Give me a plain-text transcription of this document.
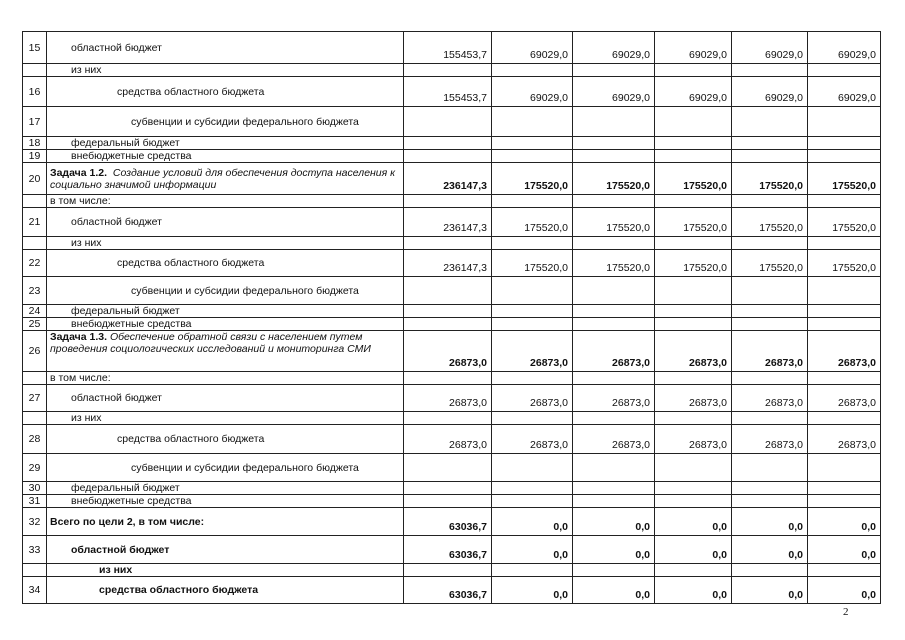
15	областной бюджет	155453,7	69029,0	69029,0	69029,0	69029,0	69029,0
	из них						
16	средства областного бюджета	155453,7	69029,0	69029,0	69029,0	69029,0	69029,0
17	субвенции и субсидии федерального бюджета						
18	федеральный бюджет						
19	внебюджетные средства						
20	Задача 1.2. Создание условий для обеспечения доступа населения к социально значимой информации	236147,3	175520,0	175520,0	175520,0	175520,0	175520,0
	в том числе:						
21	областной бюджет	236147,3	175520,0	175520,0	175520,0	175520,0	175520,0
	из них						
22	средства областного бюджета	236147,3	175520,0	175520,0	175520,0	175520,0	175520,0
23	субвенции и субсидии федерального бюджета						
24	федеральный бюджет						
25	внебюджетные средства						
26	Задача 1.3. Обеспечение обратной связи с населением путем проведения социологических исследований и мониторинга СМИ	26873,0	26873,0	26873,0	26873,0	26873,0	26873,0
	в том числе:						
27	областной бюджет	26873,0	26873,0	26873,0	26873,0	26873,0	26873,0
	из них						
28	средства областного бюджета	26873,0	26873,0	26873,0	26873,0	26873,0	26873,0
29	субвенции и субсидии федерального бюджета						
30	федеральный бюджет						
31	внебюджетные средства						
32	Всего по цели 2, в том числе:	63036,7	0,0	0,0	0,0	0,0	0,0
33	областной бюджет	63036,7	0,0	0,0	0,0	0,0	0,0
	из них						
34	средства областного бюджета	63036,7	0,0	0,0	0,0	0,0	0,0
2
